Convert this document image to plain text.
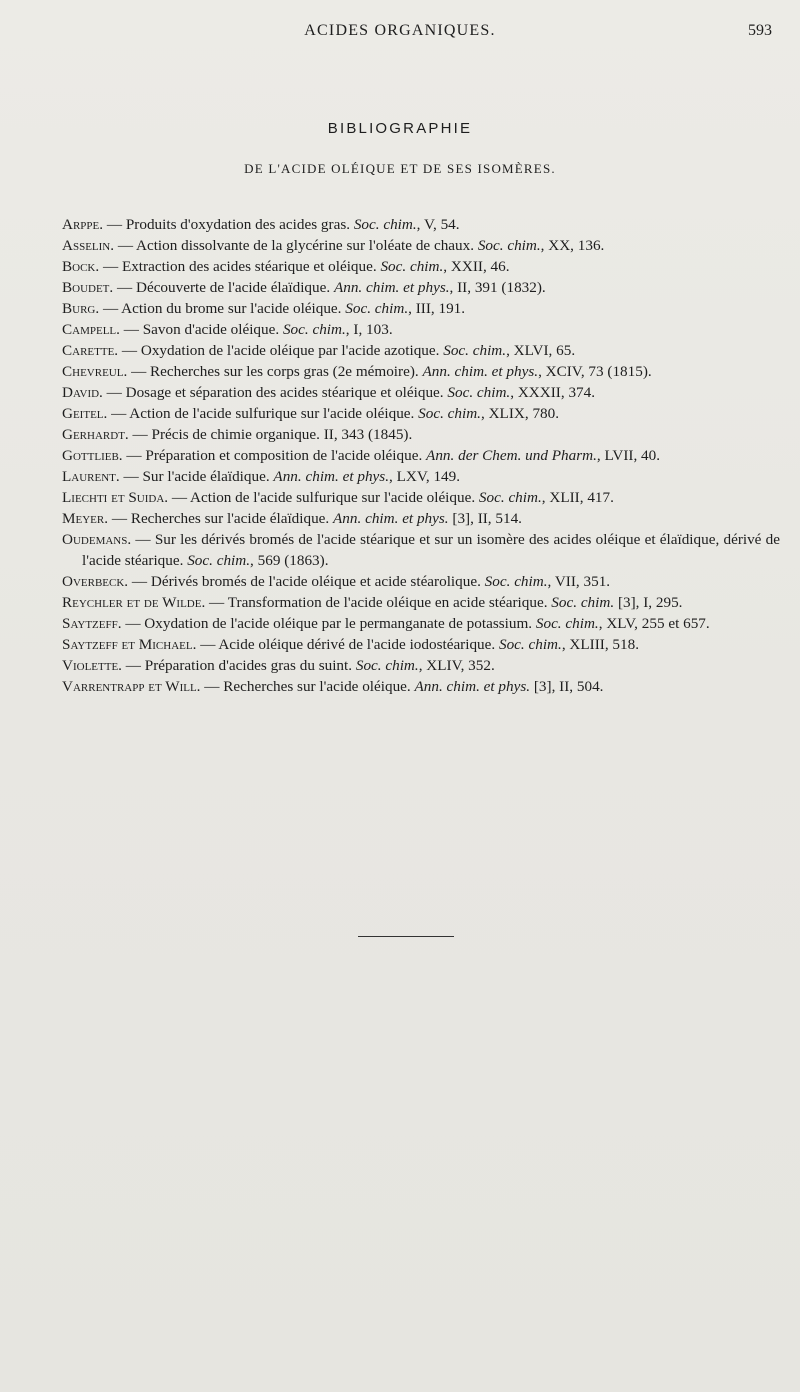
ACIDES ORGANIQUES.	593
BIBLIOGRAPHIE
DE L'ACIDE OLÉIQUE ET DE SES ISOMÈRES.
Arppe. — Produits d'oxydation des acides gras. Soc. chim., V, 54.
Asselin. — Action dissolvante de la glycérine sur l'oléate de chaux. Soc. chim., XX, 136.
Bock. — Extraction des acides stéarique et oléique. Soc. chim., XXII, 46.
Boudet. — Découverte de l'acide élaïdique. Ann. chim. et phys., II, 391 (1832).
Burg. — Action du brome sur l'acide oléique. Soc. chim., III, 191.
Campell. — Savon d'acide oléique. Soc. chim., I, 103.
Carette. — Oxydation de l'acide oléique par l'acide azotique. Soc. chim., XLVI, 65.
Chevreul. — Recherches sur les corps gras (2e mémoire). Ann. chim. et phys., XCIV, 73 (1815).
David. — Dosage et séparation des acides stéarique et oléique. Soc. chim., XXXII, 374.
Geitel. — Action de l'acide sulfurique sur l'acide oléique. Soc. chim., XLIX, 780.
Gerhardt. — Précis de chimie organique. II, 343 (1845).
Gottlieb. — Préparation et composition de l'acide oléique. Ann. der Chem. und Pharm., LVII, 40.
Laurent. — Sur l'acide élaïdique. Ann. chim. et phys., LXV, 149.
Liechti et Suida. — Action de l'acide sulfurique sur l'acide oléique. Soc. chim., XLII, 417.
Meyer. — Recherches sur l'acide élaïdique. Ann. chim. et phys. [3], II, 514.
Oudemans. — Sur les dérivés bromés de l'acide stéarique et sur un isomère des acides oléique et élaïdique, dérivé de l'acide stéarique. Soc. chim., 569 (1863).
Overbeck. — Dérivés bromés de l'acide oléique et acide stéarolique. Soc. chim., VII, 351.
Reychler et de Wilde. — Transformation de l'acide oléique en acide stéarique. Soc. chim. [3], I, 295.
Saytzeff. — Oxydation de l'acide oléique par le permanganate de potassium. Soc. chim., XLV, 255 et 657.
Saytzeff et Michael. — Acide oléique dérivé de l'acide iodostéarique. Soc. chim., XLIII, 518.
Violette. — Préparation d'acides gras du suint. Soc. chim., XLIV, 352.
Varrentrapp et Will. — Recherches sur l'acide oléique. Ann. chim. et phys. [3], II, 504.
